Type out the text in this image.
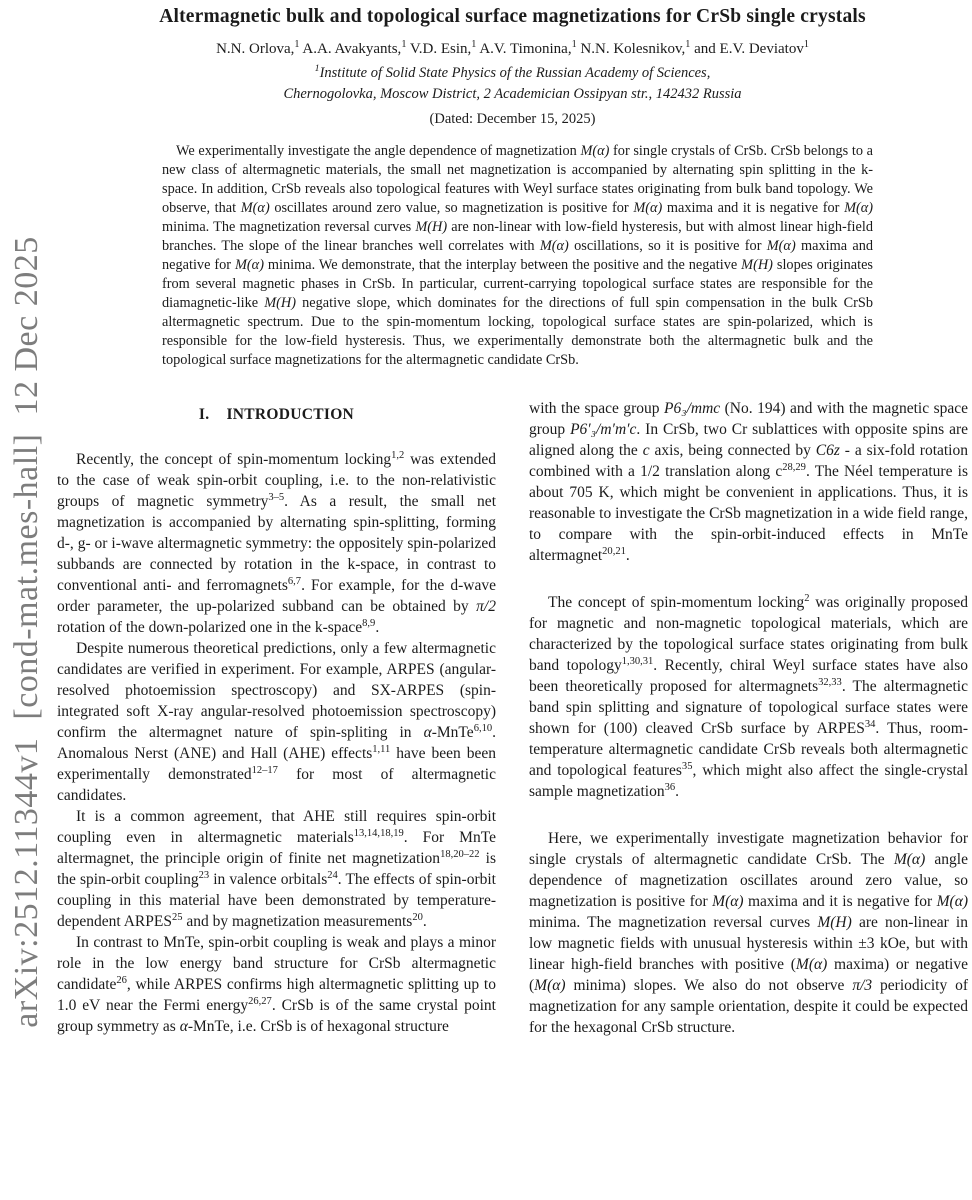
arXiv:2512.11344v1  [cond-mat.mes-hall]  12 Dec 2025
Altermagnetic bulk and topological surface magnetizations for CrSb single crystals
N.N. Orlova,$^1$ A.A. Avakyants,$^1$ V.D. Esin,$^1$ A.V. Timonina,$^1$ N.N. Kolesnikov,$^1$ and E.V. Deviatov$^1$
$^1$Institute of Solid State Physics of the Russian Academy of Sciences,
Chernogolovka, Moscow District, 2 Academician Ossipyan str., 142432 Russia
(Dated: December 15, 2025)
We experimentally investigate the angle dependence of magnetization M(α) for single crystals of CrSb. CrSb belongs to a new class of altermagnetic materials, the small net magnetization is accompanied by alternating spin splitting in the k-space. In addition, CrSb reveals also topological features with Weyl surface states originating from bulk band topology. We observe, that M(α) oscillates around zero value, so magnetization is positive for M(α) maxima and it is negative for M(α) minima. The magnetization reversal curves M(H) are non-linear with low-field hysteresis, but with almost linear high-field branches. The slope of the linear branches well correlates with M(α) oscillations, so it is positive for M(α) maxima and negative for M(α) minima. We demonstrate, that the interplay between the positive and the negative M(H) slopes originates from several magnetic phases in CrSb. In particular, current-carrying topological surface states are responsible for the diamagnetic-like M(H) negative slope, which dominates for the directions of full spin compensation in the bulk CrSb altermagnetic spectrum. Due to the spin-momentum locking, topological surface states are spin-polarized, which is responsible for the low-field hysteresis. Thus, we experimentally demonstrate both the altermagnetic bulk and the topological surface magnetizations for the altermagnetic candidate CrSb.
I. INTRODUCTION

Recently, the concept of spin-momentum locking$^{1,2}$ was extended to the case of weak spin-orbit coupling, i.e. to the non-relativistic groups of magnetic symmetry$^{3-5}$. As a result, the small net magnetization is accompanied by alternating spin-splitting, forming d-, g- or i-wave altermagnetic symmetry: the oppositely spin-polarized subbands are connected by rotation in the k-space, in contrast to conventional anti- and ferromagnets$^{6,7}$. For example, for the d-wave order parameter, the up-polarized subband can be obtained by π/2 rotation of the down-polarized one in the k-space$^{8,9}$.

Despite numerous theoretical predictions, only a few altermagnetic candidates are verified in experiment. For example, ARPES (angular-resolved photoemission spectroscopy) and SX-ARPES (spin-integrated soft X-ray angular-resolved photoemission spectroscopy) confirm the altermagnet nature of spin-spliting in α-MnTe$^{6,10}$. Anomalous Nerst (ANE) and Hall (AHE) effects$^{1,11}$ have been been experimentally demonstrated$^{12-17}$ for most of altermagnetic candidates.

It is a common agreement, that AHE still requires spin-orbit coupling even in altermagnetic materials$^{13,14,18,19}$. For MnTe altermagnet, the principle origin of finite net magnetization$^{18,20-22}$ is the spin-orbit coupling$^{23}$ in valence orbitals$^{24}$. The effects of spin-orbit coupling in this material have been demonstrated by temperature-dependent ARPES$^{25}$ and by magnetization measurements$^{20}$.

In contrast to MnTe, spin-orbit coupling is weak and plays a minor role in the low energy band structure for CrSb altermagnetic candidate$^{26}$, while ARPES confirms high altermagnetic splitting up to 1.0 eV near the Fermi energy$^{26,27}$. CrSb is of the same crystal point group symmetry as α-MnTe, i.e. CrSb is of hexagonal structure

with the space group P6₃/mmc (No. 194) and with the magnetic space group P6′₃/m′m′c. In CrSb, two Cr sublattices with opposite spins are aligned along the c axis, being connected by C6z - a six-fold rotation combined with a 1/2 translation along $c^{28,29}$. The Néel temperature is about 705 K, which might be convenient in applications. Thus, it is reasonable to investigate the CrSb magnetization in a wide field range, to compare with the spin-orbit-induced effects in MnTe altermagnet$^{20,21}$.

The concept of spin-momentum locking$^2$ was originally proposed for magnetic and non-magnetic topological materials, which are characterized by the topological surface states originating from bulk band topology$^{1,30,31}$. Recently, chiral Weyl surface states have also been theoretically proposed for altermagnets$^{32,33}$. The altermagnetic band spin splitting and signature of topological surface states were shown for (100) cleaved CrSb surface by ARPES$^{34}$. Thus, room-temperature altermagnetic candidate CrSb reveals both altermagnetic and topological features$^{35}$, which might also affect the single-crystal sample magnetization$^{36}$.

Here, we experimentally investigate magnetization behavior for single crystals of altermagnetic candidate CrSb. The M(α) angle dependence of magnetization oscillates around zero value, so magnetization is positive for M(α) maxima and it is negative for M(α) minima. The magnetization reversal curves M(H) are non-linear in low magnetic fields with unusual hysteresis within ±3 kOe, but with linear high-field branches with positive (M(α) maxima) or negative (M(α) minima) slopes. We also do not observe π/3 periodicity of magnetization for any sample orientation, despite it could be expected for the hexagonal CrSb structure.
